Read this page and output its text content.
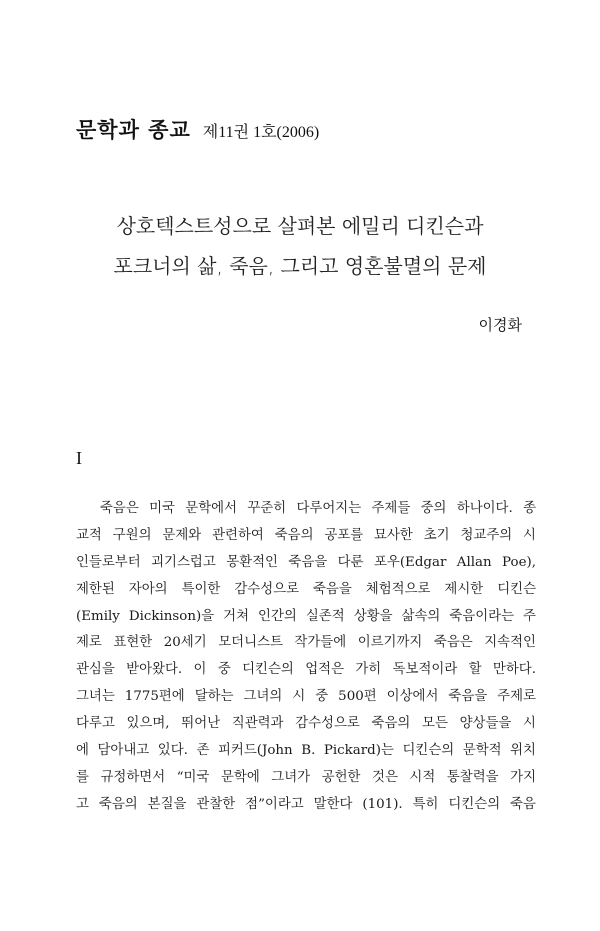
문학과 종교 제11권 1호(2006)
상호텍스트성으로 살펴본 에밀리 디킨슨과
포크너의 삶, 죽음, 그리고 영혼불멸의 문제
이경화
I
죽음은 미국 문학에서 꾸준히 다루어지는 주제들 중의 하나이다. 종
교적 구원의 문제와 관련하여 죽음의 공포를 묘사한 초기 청교주의 시
인들로부터 괴기스럽고 몽환적인 죽음을 다룬 포우(Edgar Allan Poe),
제한된 자아의 특이한 감수성으로 죽음을 체험적으로 제시한 디킨슨
(Emily Dickinson)을 거쳐 인간의 실존적 상황을 삶속의 죽음이라는 주
제로 표현한 20세기 모더니스트 작가들에 이르기까지 죽음은 지속적인
관심을 받아왔다. 이 중 디킨슨의 업적은 가히 독보적이라 할 만하다.
그녀는 1775편에 달하는 그녀의 시 중 500편 이상에서 죽음을 주제로
다루고 있으며, 뛰어난 직관력과 감수성으로 죽음의 모든 양상들을 시
에 담아내고 있다. 존 피커드(John B. Pickard)는 디킨슨의 문학적 위치
를 규정하면서 “미국 문학에 그녀가 공헌한 것은 시적 통찰력을 가지
고 죽음의 본질을 관찰한 점”이라고 말한다 (101). 특히 디킨슨의 죽음
